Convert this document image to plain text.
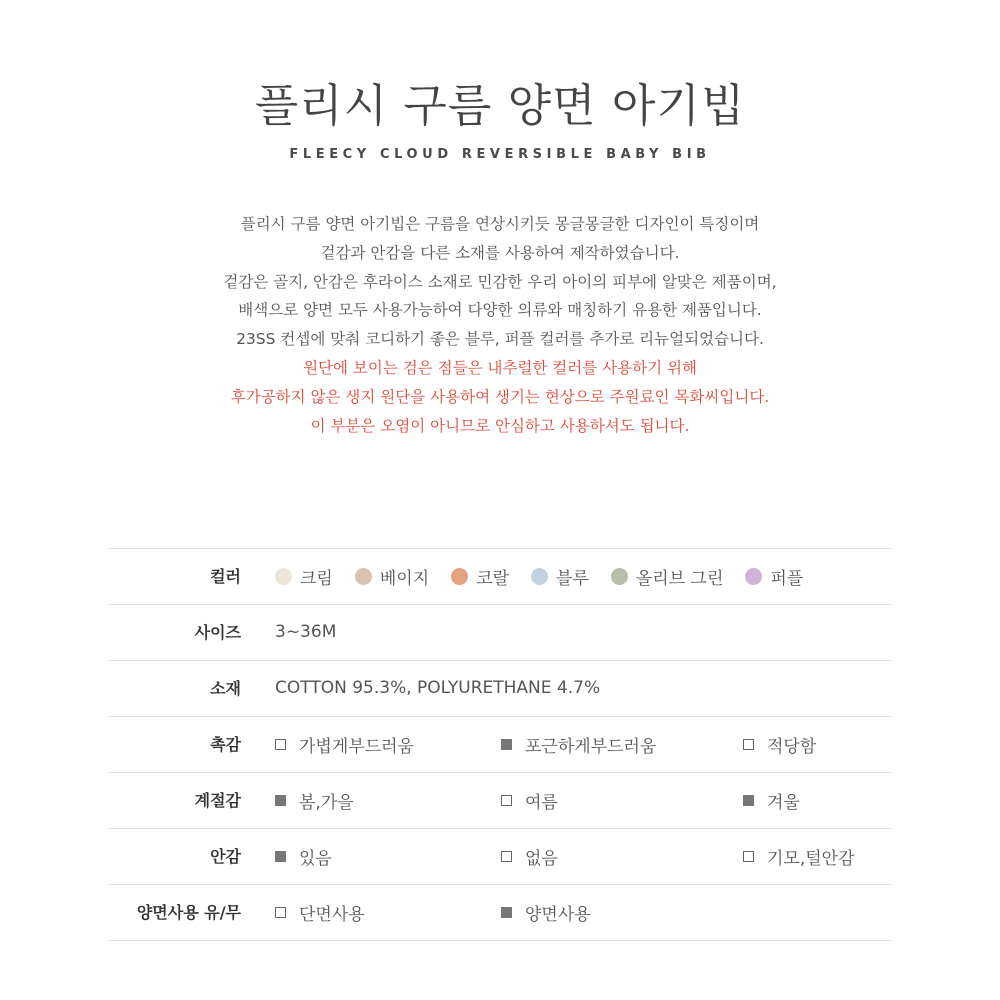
플리시 구름 양면 아기빕
FLEECY CLOUD REVERSIBLE BABY BIB
플리시 구름 양면 아기빕은 구름을 연상시키듯 몽글몽글한 디자인이 특징이며
겉감과 안감을 다른 소재를 사용하여 제작하였습니다.
겉감은 골지, 안감은 후라이스 소재로 민감한 우리 아이의 피부에 알맞은 제품이며,
배색으로 양면 모두 사용가능하여 다양한 의류와 매칭하기 유용한 제품입니다.
23SS 컨셉에 맞춰 코디하기 좋은 블루, 퍼플 컬러를 추가로 리뉴얼되었습니다.
원단에 보이는 검은 점들은 내추럴한 컬러를 사용하기 위해
후가공하지 않은 생지 원단을 사용하여 생기는 현상으로 주원료인 목화씨입니다.
이 부분은 오염이 아니므로 안심하고 사용하셔도 됩니다.
컬러	크림	베이지	코랄	블루	올리브 그린	퍼플
사이즈 3~36M
소재 COTTON 95.3%, POLYURETHANE 4.7%
촉감	가볍게부드러움	포근하게부드러움	적당함
계절감	봄,가을	여름	겨울
안감	있음	없음	기모,털안감
양면사용 유/무	단면사용	양면사용
